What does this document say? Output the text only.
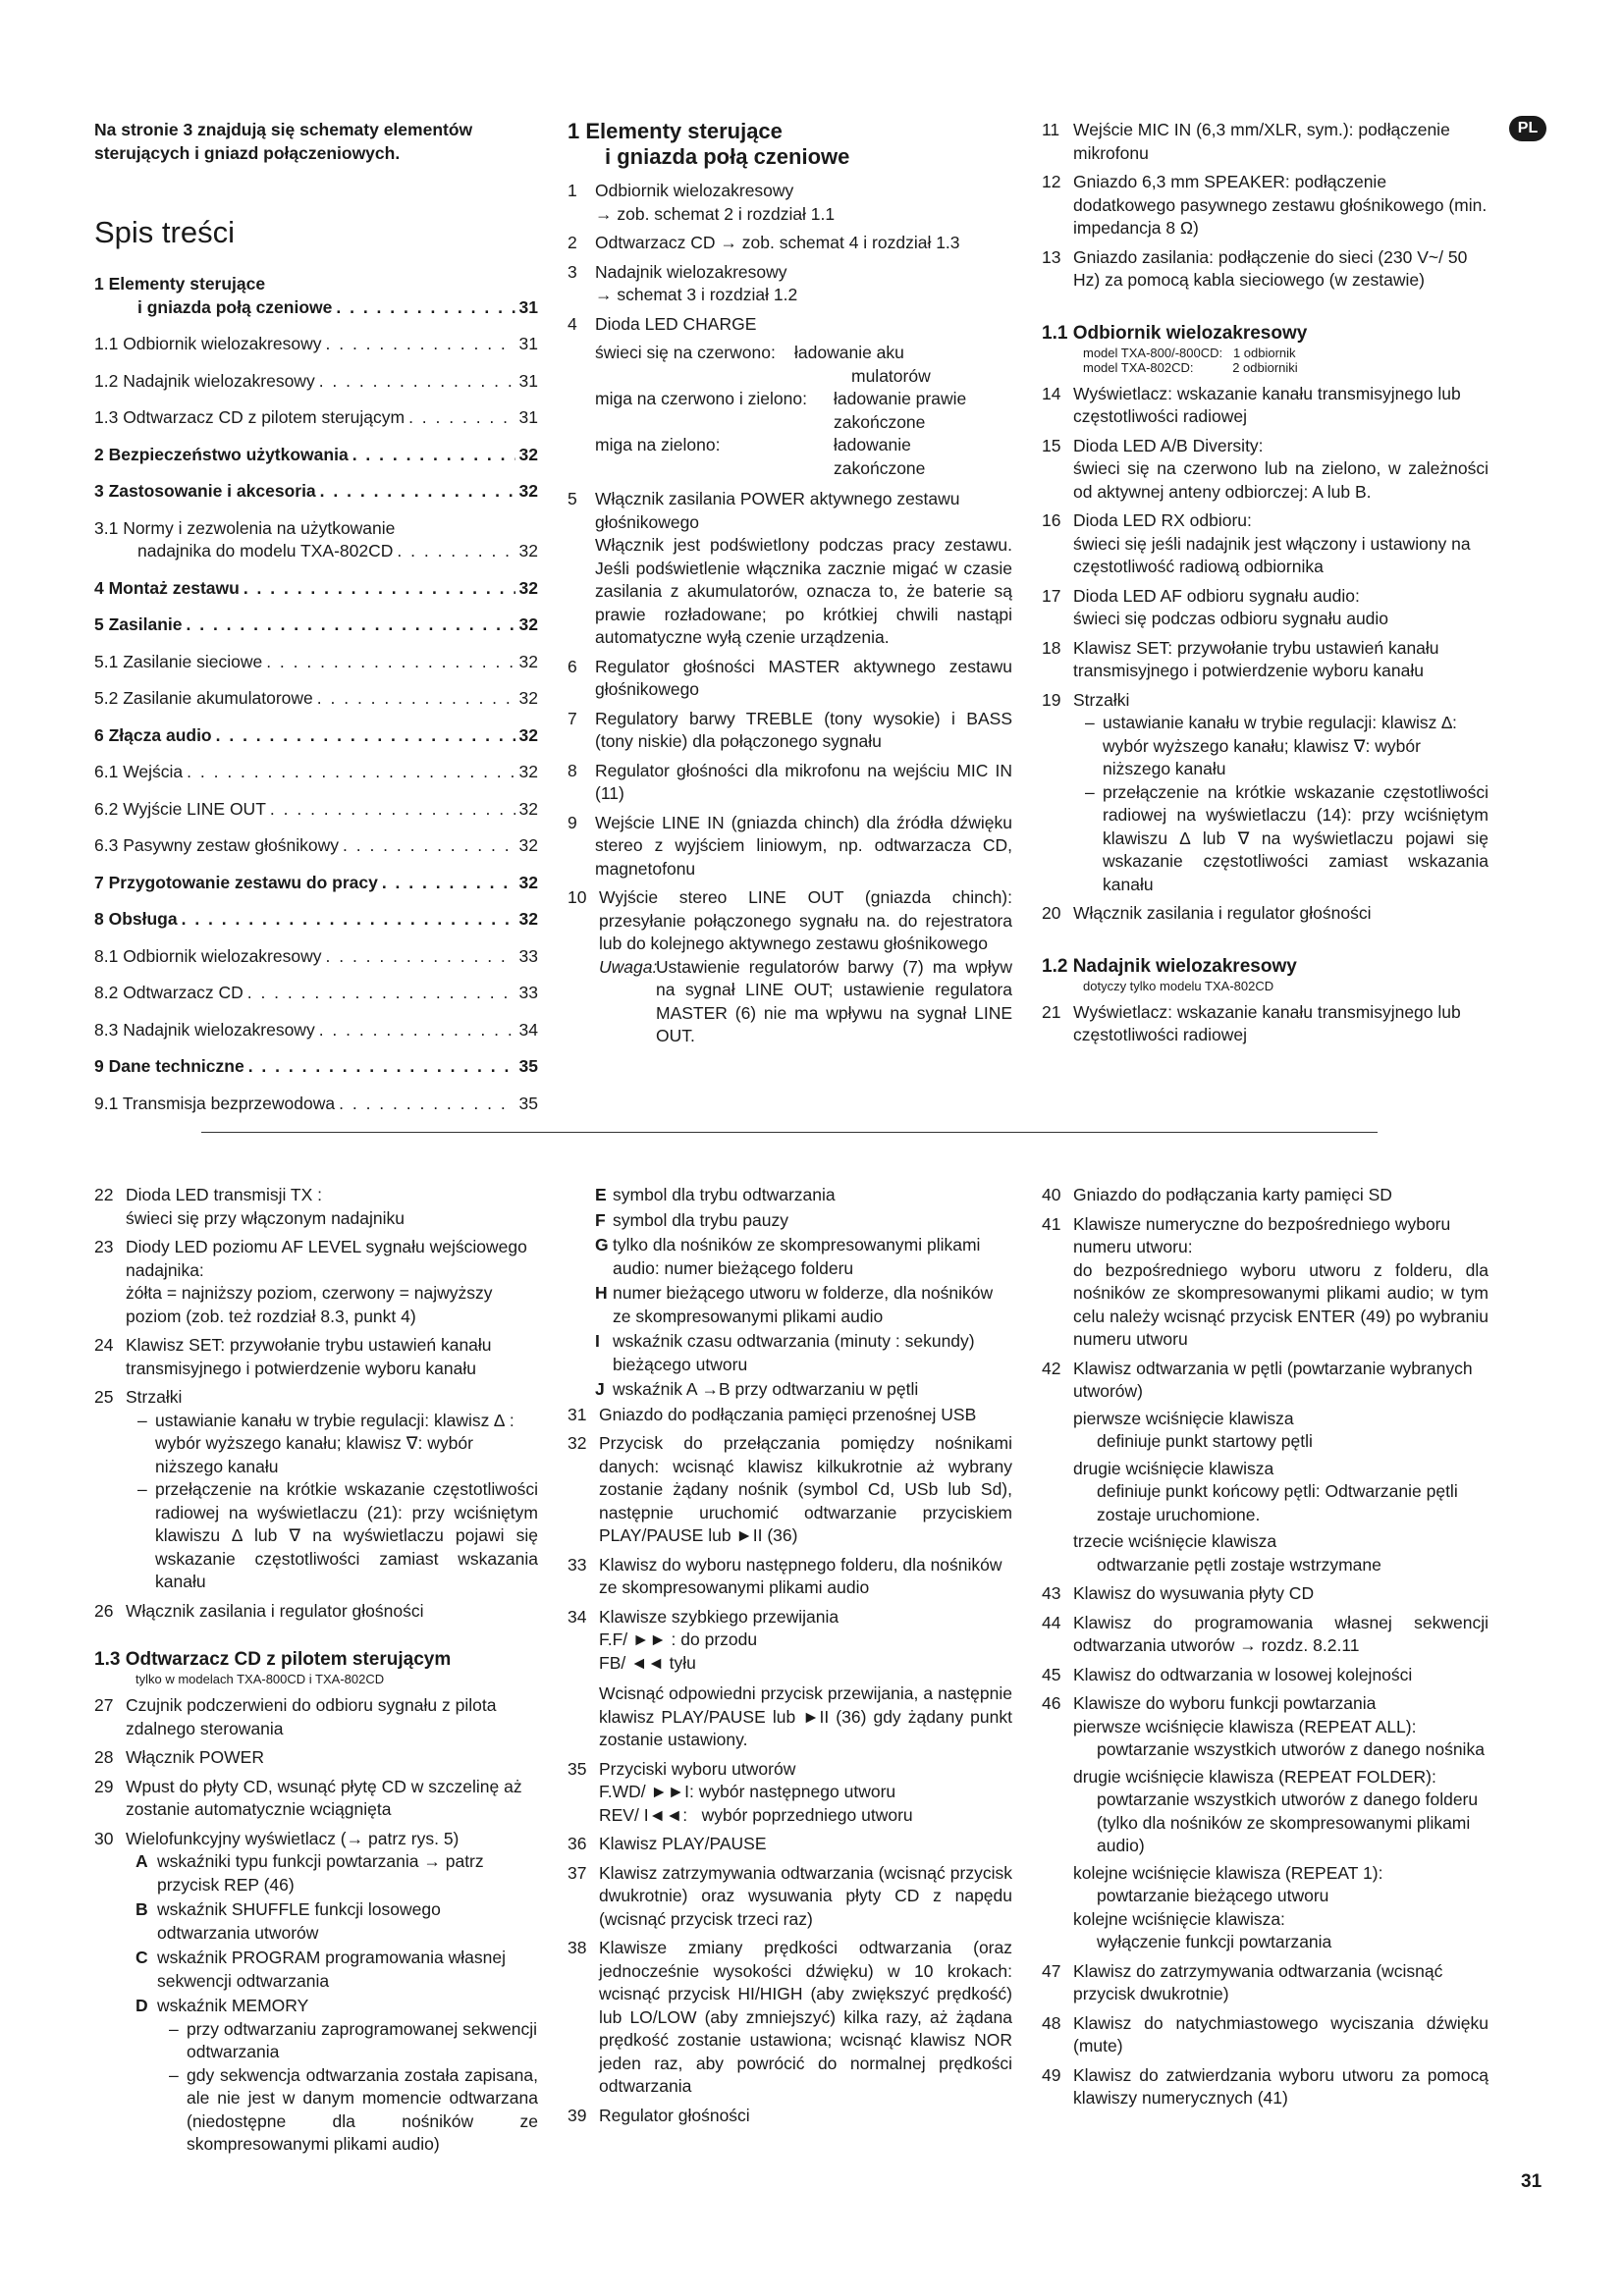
Na stronie 3 znajdują się schematy elementów sterujących i gniazd połączeniowych.

Spis treści
1 Elementy sterujące
i gniazda połą czeniowe . . .	31
1.1 Odbiornik wielozakresowy . . .	31
1.2 Nadajnik wielozakresowy . . .	31
1.3 Odtwarzacz CD z pilotem sterującym . . .	31
2 Bezpieczeństwo użytkowania . . .	32
3 Zastosowanie i akcesoria . . .	32
3.1 Normy i zezwolenia na użytkowanie
nadajnika do modelu TXA-802CD . . .	32
4 Montaż zestawu . . .	32
5 Zasilanie . . .	32
5.1 Zasilanie sieciowe . . .	32
5.2 Zasilanie akumulatorowe . . .	32
6 Złącza audio . . .	32
6.1 Wejścia . . .	32
6.2 Wyjście LINE OUT . . .	32
6.3 Pasywny zestaw głośnikowy . . .	32
7 Przygotowanie zestawu do pracy . . .	32
8 Obsługa . . .	32
8.1 Odbiornik wielozakresowy . . .	33
8.2 Odtwarzacz CD . . .	33
8.3 Nadajnik wielozakresowy . . .	34
9 Dane techniczne . . .	35
9.1 Transmisja bezprzewodowa . . .	35
1 Elementy sterujące
i gniazda połą czeniowe
1 Odbiornik wielozakresowy
→ zob. schemat 2 i rozdział 1.1
2 Odtwarzacz CD → zob. schemat 4 i rozdział 1.3
3 Nadajnik wielozakresowy
→ schemat 3 i rozdział 1.2
4 Dioda LED CHARGE
świeci się na czerwono:	ładowanie aku
mulatorów
miga na czerwono i zielono:	ładowanie prawie
zakończone
miga na zielono:	ładowanie
zakończone
5 Włącznik zasilania POWER aktywnego zestawu głośnikowego
Włącznik jest podświetlony podczas pracy zestawu. Jeśli podświetlenie włącznika zacznie migać w czasie zasilania z akumulatorów, oznacza to, że baterie są prawie rozładowane; po krótkiej chwili nastąpi automatyczne wyłą czenie urządzenia.
6 Regulator głośności MASTER aktywnego zestawu głośnikowego
7 Regulatory barwy TREBLE (tony wysokie) i BASS (tony niskie) dla połączonego sygnału
8 Regulator głośności dla mikrofonu na wejściu MIC IN (11)
9 Wejście LINE IN (gniazda chinch) dla źródła dźwięku stereo z wyjściem liniowym, np. odtwarzacza CD, magnetofonu
10 Wyjście stereo LINE OUT (gniazda chinch): przesyłanie połączonego sygnału na. do rejestratora lub do kolejnego aktywnego zestawu głośnikowego
Uwaga:
Ustawienie regulatorów barwy (7) ma wpływ na sygnał LINE OUT; ustawienie regulatora MASTER (6) nie ma wpływu na sygnał LINE OUT.
11 Wejście MIC IN (6,3 mm/XLR, sym.): podłączenie mikrofonu
12 Gniazdo 6,3 mm SPEAKER: podłączenie dodatkowego pasywnego zestawu głośnikowego (min. impedancja 8 Ω)
13 Gniazdo zasilania: podłączenie do sieci (230 V~/ 50 Hz) za pomocą kabla sieciowego (w zestawie)
1.1 Odbiornik wielozakresowy
model TXA-800/-800CD:   1 odbiornik
model TXA-802CD:           2 odbiorniki
14 Wyświetlacz: wskazanie kanału transmisyjnego lub częstotliwości radiowej
15 Dioda LED A/B Diversity:
świeci się na czerwono lub na zielono, w zależności od aktywnej anteny odbiorczej: A lub B.
16 Dioda LED RX odbioru:
świeci się jeśli nadajnik jest włączony i ustawiony na częstotliwość radiową odbiornika
17 Dioda LED AF odbioru sygnału audio:
świeci się podczas odbioru sygnału audio
18 Klawisz SET: przywołanie trybu ustawień kanału transmisyjnego i potwierdzenie wyboru kanału
19 Strzałki
– ustawianie kanału w trybie regulacji: klawisz ∆: wybór wyższego kanału; klawisz ∇: wybór niższego kanału
– przełączenie na krótkie wskazanie częstotliwości radiowej na wyświetlaczu (14): przy wciśniętym klawiszu ∆ lub ∇ na wyświetlaczu pojawi się wskazanie częstotliwości zamiast wskazania kanału
20 Włącznik zasilania i regulator głośności
1.2 Nadajnik wielozakresowy
dotyczy tylko modelu TXA-802CD
21 Wyświetlacz: wskazanie kanału transmisyjnego lub częstotliwości radiowej
PL
22 Dioda LED transmisji TX :
świeci się przy włączonym nadajniku
23 Diody LED poziomu AF LEVEL sygnału wejściowego nadajnika:
żółta = najniższy poziom, czerwony = najwyższy poziom (zob. też rozdział 8.3, punkt 4)
24 Klawisz SET: przywołanie trybu ustawień kanału transmisyjnego i potwierdzenie wyboru kanału
25 Strzałki
– ustawianie kanału w trybie regulacji: klawisz ∆ : wybór wyższego kanału; klawisz ∇: wybór niższego kanału
– przełączenie na krótkie wskazanie częstotliwości radiowej na wyświetlaczu (21): przy wciśniętym klawiszu ∆ lub ∇ na wyświetlaczu pojawi się wskazanie częstotliwości zamiast wskazania kanału
26 Włącznik zasilania i regulator głośności
1.3 Odtwarzacz CD z pilotem sterującym
tylko w modelach TXA-800CD i TXA-802CD
27 Czujnik podczerwieni do odbioru sygnału z pilota zdalnego sterowania
28 Włącznik POWER
29 Wpust do płyty CD, wsunąć płytę CD w szczelinę aż zostanie automatycznie wciągnięta
30 Wielofunkcyjny wyświetlacz (→ patrz rys. 5)
A wskaźniki typu funkcji powtarzania → patrz przycisk REP (46)
B wskaźnik SHUFFLE funkcji losowego odtwarzania utworów
C wskaźnik PROGRAM programowania własnej sekwencji odtwarzania
D wskaźnik MEMORY
– przy odtwarzaniu zaprogramowanej sekwencji odtwarzania
– gdy sekwencja odtwarzania została zapisana, ale nie jest w danym momencie odtwarzana (niedostępne dla nośników ze skompresowanymi plikami audio)
E symbol dla trybu odtwarzania
F symbol dla trybu pauzy
G tylko dla nośników ze skompresowanymi plikami audio: numer bieżącego folderu
H numer bieżącego utworu w folderze, dla nośników ze skompresowanymi plikami audio
I wskaźnik czasu odtwarzania (minuty : sekundy) bieżącego utworu
J wskaźnik A →B przy odtwarzaniu w pętli
31 Gniazdo do podłączania pamięci przenośnej USB
32 Przycisk do przełączania pomiędzy nośnikami danych: wcisnąć klawisz kilkukrotnie aż wybrany zostanie żądany nośnik (symbol Cd, USb lub Sd), następnie uruchomić odtwarzanie przyciskiem PLAY/PAUSE lub ►II (36)
33 Klawisz do wyboru następnego folderu, dla nośników ze skompresowanymi plikami audio
34 Klawisze szybkiego przewijania
F.F/ ►► : do przodu
FB/ ◄◄ tyłu
Wcisnąć odpowiedni przycisk przewijania, a następnie klawisz PLAY/PAUSE lub ►II (36) gdy żądany punkt zostanie ustawiony.
35 Przyciski wyboru utworów
F.WD/ ►►I: wybór następnego utworu
REV/ I◄◄:   wybór poprzedniego utworu
36 Klawisz PLAY/PAUSE
37 Klawisz zatrzymywania odtwarzania (wcisnąć przycisk dwukrotnie) oraz wysuwania płyty CD z napędu (wcisnąć przycisk trzeci raz)
38 Klawisze zmiany prędkości odtwarzania (oraz jednocześnie wysokości dźwięku) w 10 krokach: wcisnąć przycisk HI/HIGH (aby zwiększyć prędkość) lub LO/LOW (aby zmniejszyć) kilka razy, aż żądana prędkość zostanie ustawiona; wcisnąć klawisz NOR jeden raz, aby powrócić do normalnej prędkości odtwarzania
39 Regulator głośności
40 Gniazdo do podłączania karty pamięci SD
41 Klawisze numeryczne do bezpośredniego wyboru numeru utworu:
do bezpośredniego wyboru utworu z folderu, dla nośników ze skompresowanymi plikami audio; w tym celu należy wcisnąć przycisk ENTER (49) po wybraniu numeru utworu
42 Klawisz odtwarzania w pętli (powtarzanie wybranych utworów)
pierwsze wciśnięcie klawisza
definiuje punkt startowy pętli
drugie wciśnięcie klawisza
definiuje punkt końcowy pętli: Odtwarzanie pętli zostaje uruchomione.
trzecie wciśnięcie klawisza
odtwarzanie pętli zostaje wstrzymane
43 Klawisz do wysuwania płyty CD
44 Klawisz do programowania własnej sekwencji odtwarzania utworów → rozdz. 8.2.11
45 Klawisz do odtwarzania w losowej kolejności
46 Klawisze do wyboru funkcji powtarzania
pierwsze wciśnięcie klawisza (REPEAT ALL):
powtarzanie wszystkich utworów z danego nośnika
drugie wciśnięcie klawisza (REPEAT FOLDER):
powtarzanie wszystkich utworów z danego folderu (tylko dla nośników ze skompresowanymi plikami audio)
kolejne wciśnięcie klawisza (REPEAT 1):
powtarzanie bieżącego utworu
kolejne wciśnięcie klawisza:
wyłączenie funkcji powtarzania
47 Klawisz do zatrzymywania odtwarzania (wcisnąć przycisk dwukrotnie)
48 Klawisz do natychmiastowego wyciszania dźwięku (mute)
49 Klawisz do zatwierdzania wyboru utworu za pomocą klawiszy numerycznych (41)
31
